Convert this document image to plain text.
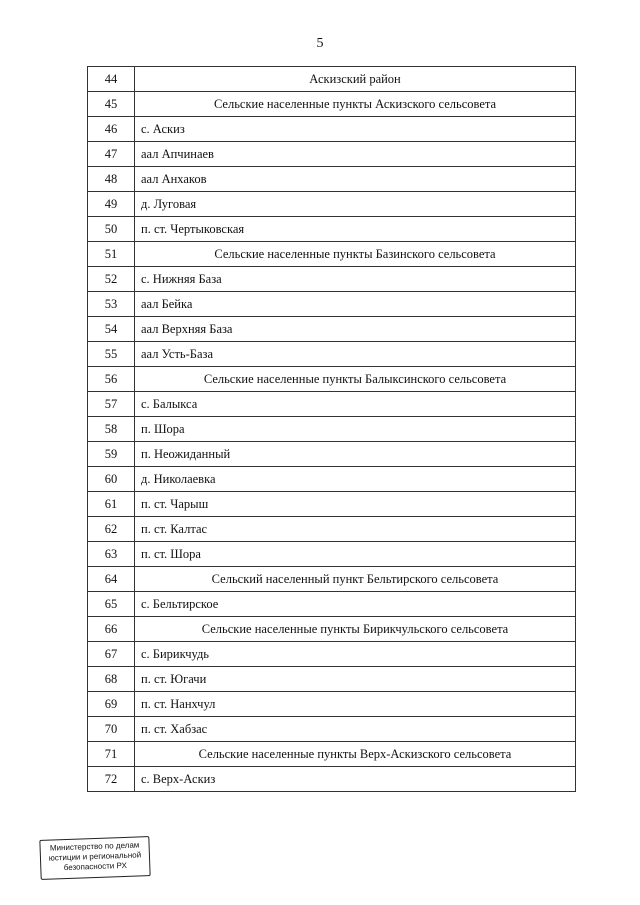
5
44	Аскизский район
45	Сельские населенные пункты Аскизского сельсовета
46	с. Аскиз
47	аал Апчинаев
48	аал Анхаков
49	д. Луговая
50	п. ст. Чертыковская
51	Сельские населенные пункты Базинского сельсовета
52	с. Нижняя База
53	аал Бейка
54	аал Верхняя База
55	аал Усть-База
56	Сельские населенные пункты Балыксинского сельсовета
57	с. Балыкса
58	п. Шора
59	п. Неожиданный
60	д. Николаевка
61	п. ст. Чарыш
62	п. ст. Калтас
63	п. ст. Шора
64	Сельский населенный пункт Бельтирского сельсовета
65	с. Бельтирское
66	Сельские населенные пункты Бирикчульского сельсовета
67	с. Бирикчудь
68	п. ст. Югачи
69	п. ст. Нанхчул
70	п. ст. Хабзас
71	Сельские населенные пункты Верх-Аскизского сельсовета
72	с. Верх-Аскиз
Министерство по делам
юстиции и региональной
безопасности РХ
